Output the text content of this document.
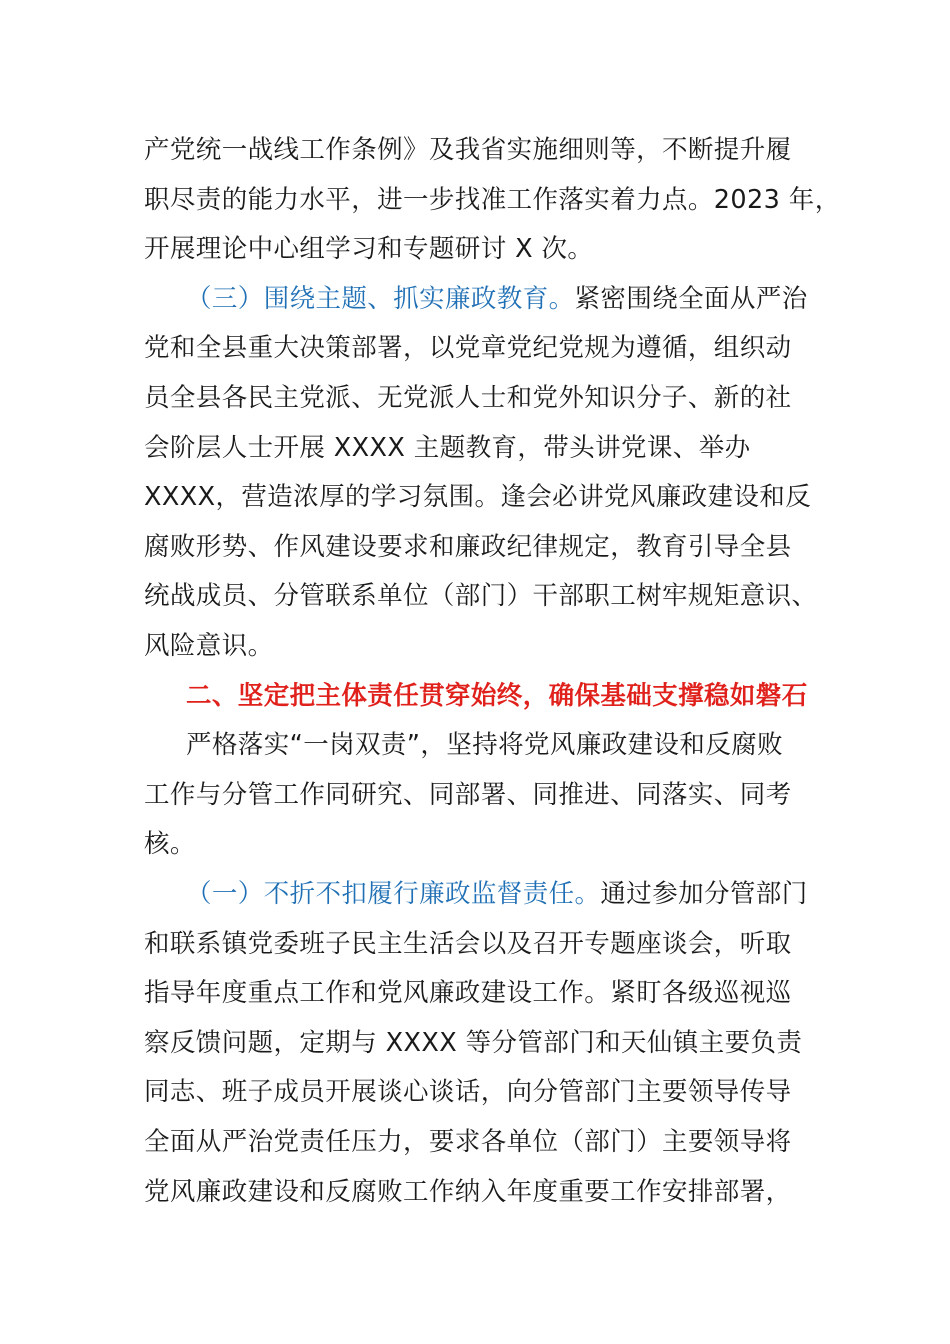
产党统一战线工作条例》及我省实施细则等，不断提升履
职尽责的能力水平，进一步找准工作落实着力点。2023 年，
开展理论中心组学习和专题研讨 X 次。
（三）围绕主题、抓实廉政教育。紧密围绕全面从严治
党和全县重大决策部署，以党章党纪党规为遵循，组织动
员全县各民主党派、无党派人士和党外知识分子、新的社
会阶层人士开展 XXXX 主题教育，带头讲党课、举办
XXXX，营造浓厚的学习氛围。逢会必讲党风廉政建设和反
腐败形势、作风建设要求和廉政纪律规定，教育引导全县
统战成员、分管联系单位（部门）干部职工树牢规矩意识、
风险意识。
二、坚定把主体责任贯穿始终，确保基础支撑稳如磐石
严格落实“一岗双责”，坚持将党风廉政建设和反腐败
工作与分管工作同研究、同部署、同推进、同落实、同考
核。
（一）不折不扣履行廉政监督责任。通过参加分管部门
和联系镇党委班子民主生活会以及召开专题座谈会，听取
指导年度重点工作和党风廉政建设工作。紧盯各级巡视巡
察反馈问题，定期与 XXXX 等分管部门和天仙镇主要负责
同志、班子成员开展谈心谈话，向分管部门主要领导传导
全面从严治党责任压力，要求各单位（部门）主要领导将
党风廉政建设和反腐败工作纳入年度重要工作安排部署，
